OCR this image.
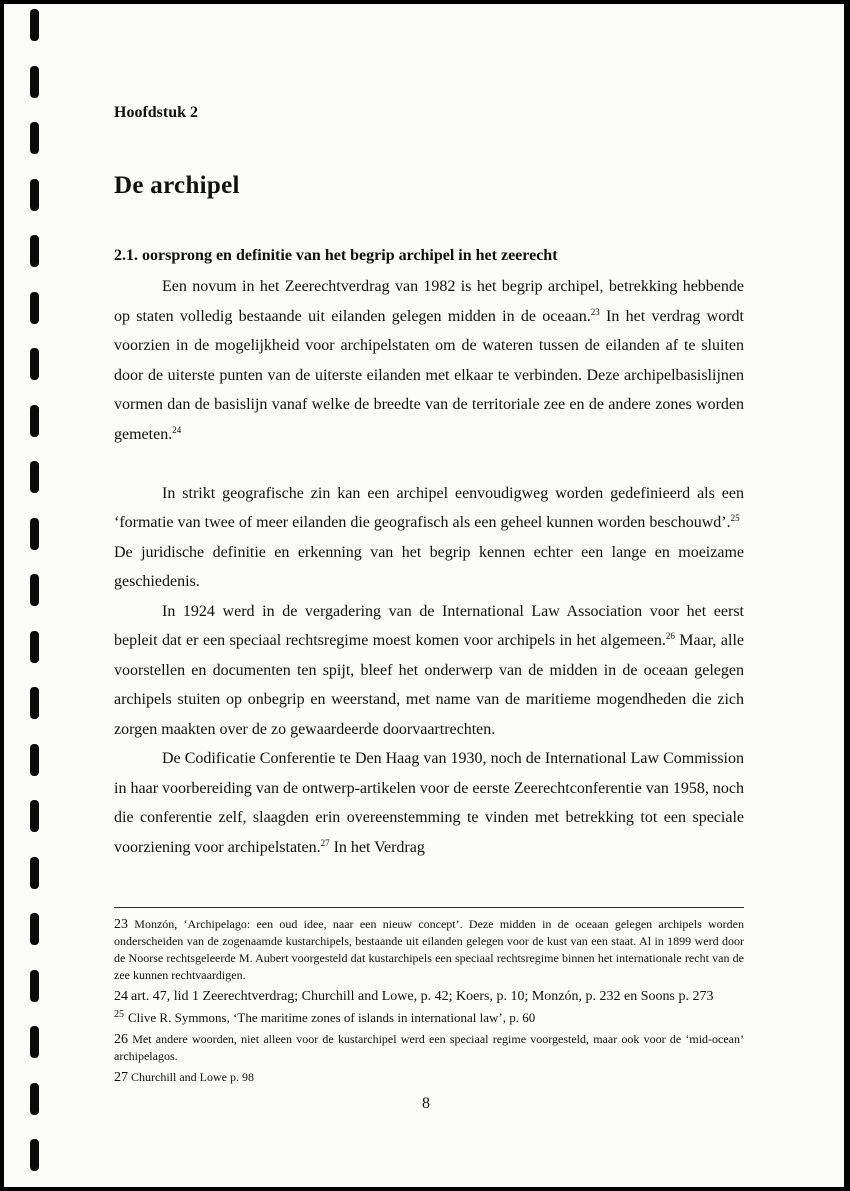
Hoofdstuk 2
De archipel
2.1. oorsprong en definitie van het begrip archipel in het zeerecht

Een novum in het Zeerechtverdrag van 1982 is het begrip archipel, betrekking hebbende op staten volledig bestaande uit eilanden gelegen midden in de oceaan.$^{23}$ In het verdrag wordt voorzien in de mogelijkheid voor archipelstaten om de wateren tussen de eilanden af te sluiten door de uiterste punten van de uiterste eilanden met elkaar te verbinden. Deze archipelbasislijnen vormen dan de basislijn vanaf welke de breedte van de territoriale zee en de andere zones worden gemeten.$^{24}$

In strikt geografische zin kan een archipel eenvoudigweg worden gedefinieerd als een ‘formatie van twee of meer eilanden die geografisch als een geheel kunnen worden beschouwd’.$^{25}$

De juridische definitie en erkenning van het begrip kennen echter een lange en moeizame geschiedenis.

In 1924 werd in de vergadering van de International Law Association voor het eerst bepleit dat er een speciaal rechtsregime moest komen voor archipels in het algemeen.$^{26}$ Maar, alle voorstellen en documenten ten spijt, bleef het onderwerp van de midden in de oceaan gelegen archipels stuiten op onbegrip en weerstand, met name van de maritieme mogendheden die zich zorgen maakten over de zo gewaardeerde doorvaartrechten.

De Codificatie Conferentie te Den Haag van 1930, noch de International Law Commission in haar voorbereiding van de ontwerp-artikelen voor de eerste Zeerechtconferentie van 1958, noch die conferentie zelf, slaagden erin overeenstemming te vinden met betrekking tot een speciale voorziening voor archipelstaten.$^{27}$ In het Verdrag

23 Monzón, ‘Archipelago: een oud idee, naar een nieuw concept’. Deze midden in de oceaan gelegen archipels worden onderscheiden van de zogenaamde kustarchipels, bestaande uit eilanden gelegen voor de kust van een staat. Al in 1899 werd door de Noorse rechtsgeleerde M. Aubert voorgesteld dat kustarchipels een speciaal rechtsregime binnen het internationale recht van de zee kunnen rechtvaardigen.

24 art. 47, lid 1 Zeerechtverdrag; Churchill and Lowe, p. 42; Koers, p. 10; Monzón, p. 232 en Soons p. 273

$^{25}$ Clive R. Symmons, ‘The maritime zones of islands in international law’, p. 60

26 Met andere woorden, niet alleen voor de kustarchipel werd een speciaal regime voorgesteld, maar ook voor de ‘mid-ocean’ archipelagos.

27 Churchill and Lowe p. 98

8
